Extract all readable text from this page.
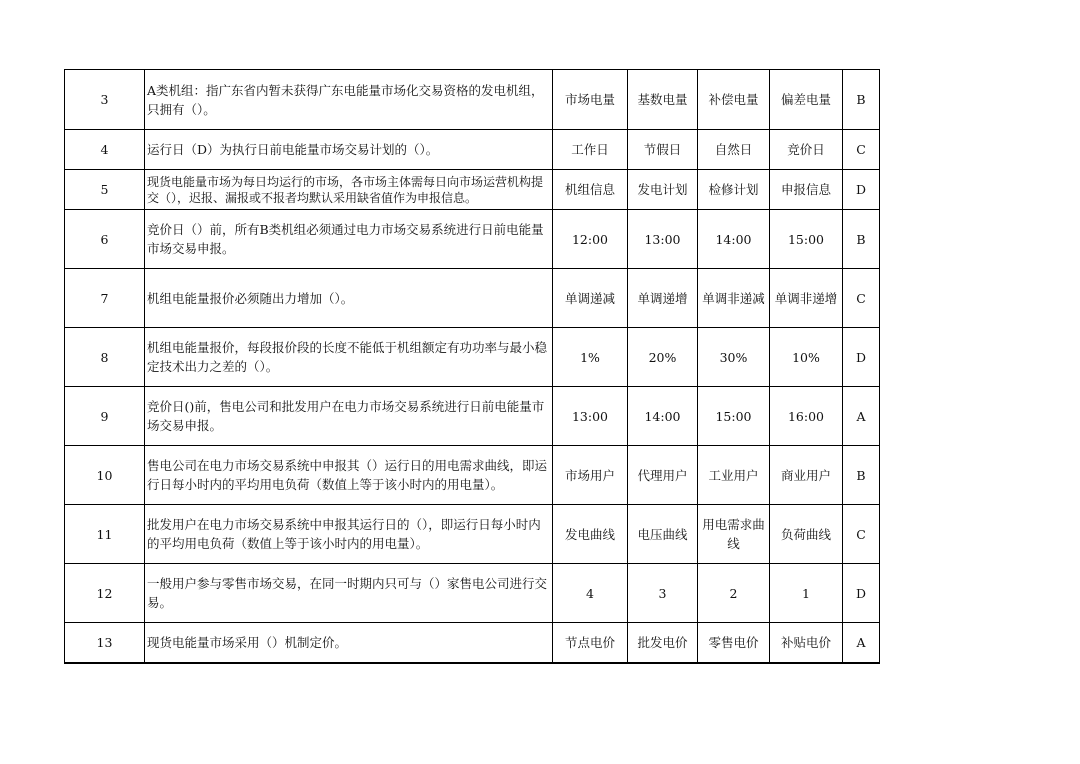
3	A类机组：指广东省内暂未获得广东电能量市场化交易资格的发电机组，只拥有（）。	市场电量	基数电量	补偿电量	偏差电量	B
4	运行日（D）为执行日前电能量市场交易计划的（）。	工作日	节假日	自然日	竞价日	C
5	现货电能量市场为每日均运行的市场，各市场主体需每日向市场运营机构提交（），迟报、漏报或不报者均默认采用缺省值作为申报信息。	机组信息	发电计划	检修计划	申报信息	D
6	竞价日（）前，所有B类机组必须通过电力市场交易系统进行日前电能量市场交易申报。	12:00	13:00	14:00	15:00	B
7	机组电能量报价必须随出力增加（）。	单调递减	单调递增	单调非递减	单调非递增	C
8	机组电能量报价，每段报价段的长度不能低于机组额定有功功率与最小稳定技术出力之差的（）。	1%	20%	30%	10%	D
9	竞价日()前，售电公司和批发用户在电力市场交易系统进行日前电能量市场交易申报。	13:00	14:00	15:00	16:00	A
10	售电公司在电力市场交易系统中申报其（）运行日的用电需求曲线，即运行日每小时内的平均用电负荷（数值上等于该小时内的用电量）。	市场用户	代理用户	工业用户	商业用户	B
11	批发用户在电力市场交易系统中申报其运行日的（），即运行日每小时内的平均用电负荷（数值上等于该小时内的用电量）。	发电曲线	电压曲线	用电需求曲线	负荷曲线	C
12	一般用户参与零售市场交易，在同一时期内只可与（）家售电公司进行交易。	4	3	2	1	D
13	现货电能量市场采用（）机制定价。	节点电价	批发电价	零售电价	补贴电价	A
